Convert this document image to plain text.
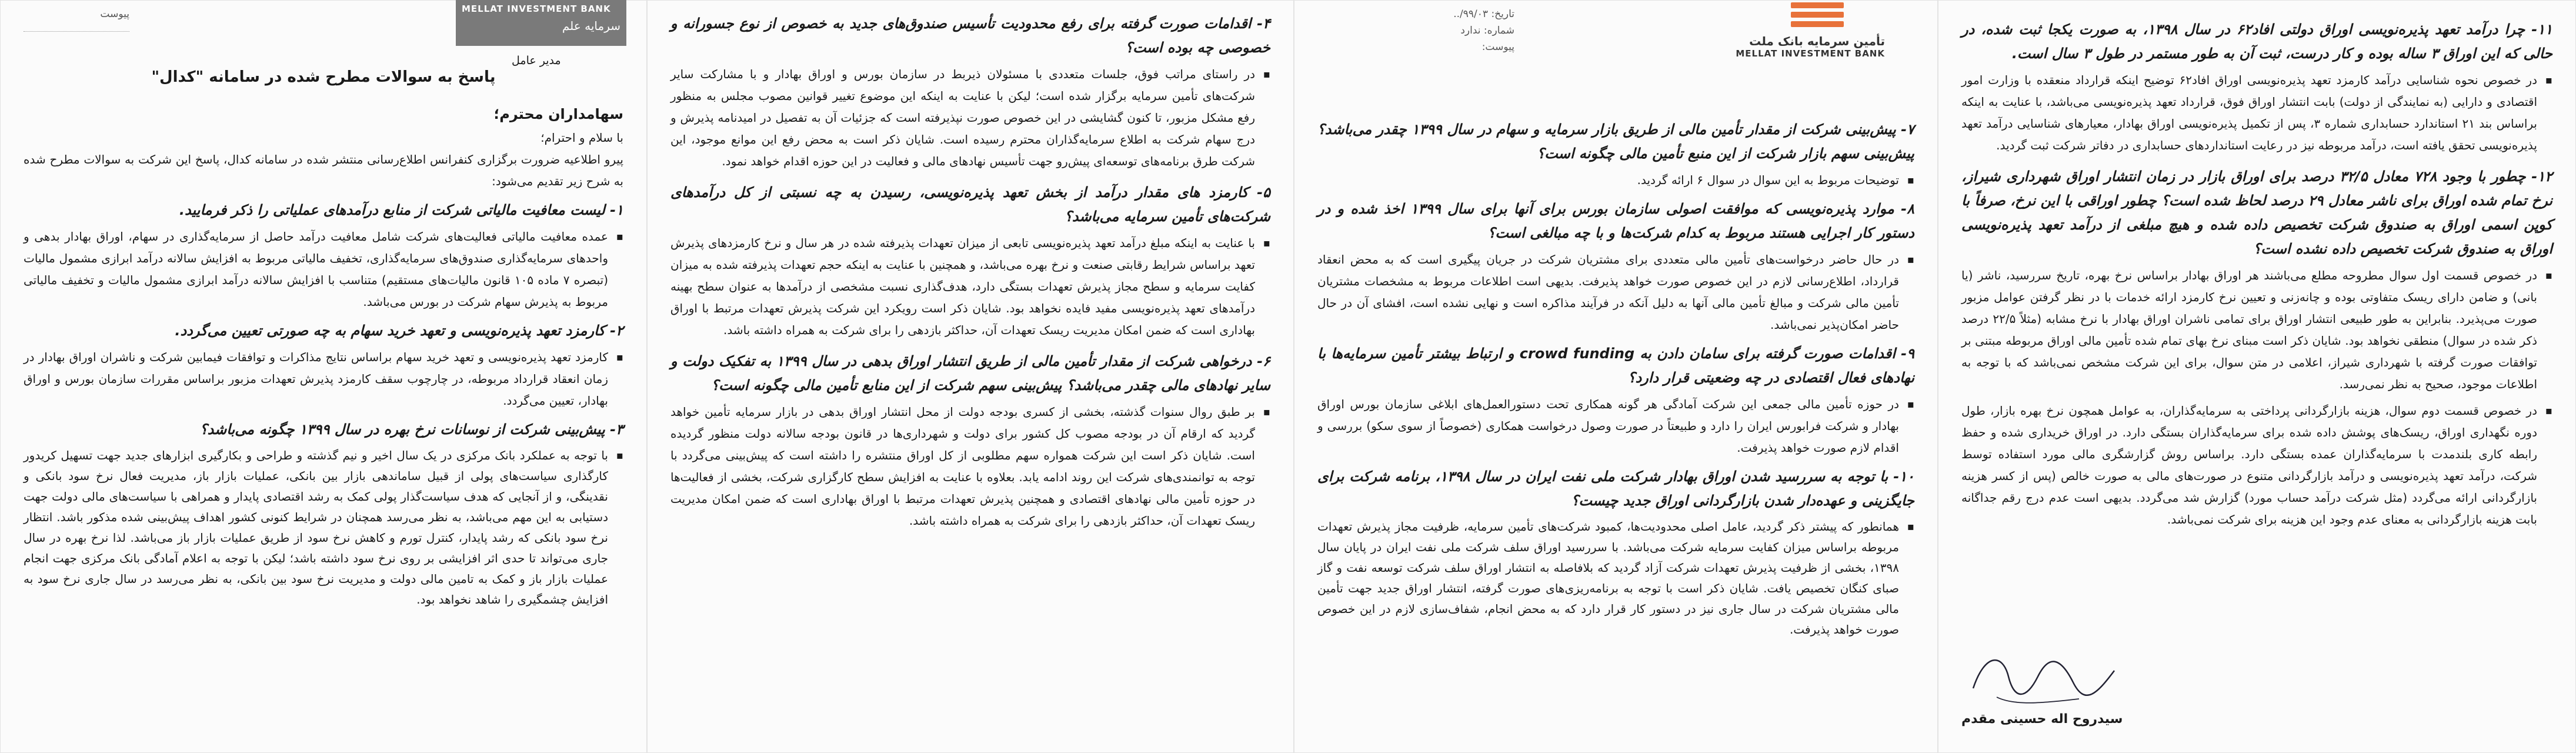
پیوست	MELLAT INVESTMENT BANK
سرمایه علم
مدیر عامل
پاسخ به سوالات مطرح شده در سامانه "کدال"
سهامداران محترم؛

با سلام و احترام؛

پیرو اطلاعیه ضرورت برگزاری کنفرانس اطلاع‌رسانی منتشر شده در سامانه کدال، پاسخ این شرکت به سوالات مطرح شده به شرح زیر تقدیم می‌شود:

۱- لیست معافیت مالیاتی شرکت از منابع درآمدهای عملیاتی را ذکر فرمایید.
▪ عمده معافیت مالیاتی فعالیت‌های شرکت شامل معافیت درآمد حاصل از سرمایه‌گذاری در سهام، اوراق بهادار بدهی و واحدهای سرمایه‌گذاری صندوق‌های سرمایه‌گذاری، تخفیف مالیاتی مربوط به افزایش سالانه درآمد ابرازی مشمول مالیات (تبصره ۷ ماده ۱۰۵ قانون مالیات‌های مستقیم) متناسب با افزایش سالانه درآمد ابرازی مشمول مالیات و تخفیف مالیاتی مربوط به پذیرش سهام شرکت در بورس می‌باشد.
۲- کارمزد تعهد پذیره‌نویسی و تعهد خرید سهام به چه صورتی تعیین می‌گردد.
▪ کارمزد تعهد پذیره‌نویسی و تعهد خرید سهام براساس نتایج مذاکرات و توافقات فیمابین شرکت و ناشران اوراق بهادار در زمان انعقاد قرارداد مربوطه، در چارچوب سقف کارمزد پذیرش تعهدات مزبور براساس مقررات سازمان بورس و اوراق بهادار، تعیین می‌گردد.
۳- پیش‌بینی شرکت از نوسانات نرخ بهره در سال ۱۳۹۹ چگونه می‌باشد؟
▪ با توجه به عملکرد بانک مرکزی در یک سال اخیر و نیم گذشته و طراحی و بکارگیری ابزارهای جدید جهت تسهیل کریدور کارگذاری سیاست‌های پولی از قبیل ساماندهی بازار بین بانکی، عملیات بازار باز، مدیریت فعال نرخ سود بانکی و نقدینگی، و از آنجایی که هدف سیاست‌گذار پولی کمک به رشد اقتصادی پایدار و همراهی با سیاست‌های مالی دولت جهت دستیابی به این مهم می‌باشد، به نظر می‌رسد همچنان در شرایط کنونی کشور اهداف پیش‌بینی شده مذکور باشد. انتظار نرخ سود بانکی که رشد پایدار، کنترل تورم و کاهش نرخ سود از طریق عملیات بازار باز می‌باشد. لذا نرخ بهره در سال جاری می‌تواند تا حدی اثر افزایشی بر روی نرخ سود داشته باشد؛ لیکن با توجه به اعلام آمادگی بانک مرکزی جهت انجام عملیات بازار باز و کمک به تامین مالی دولت و مدیریت نرخ سود بین بانکی، به نظر می‌رسد در سال جاری نرخ سود به افزایش چشمگیری را شاهد نخواهد بود.
۴- اقدامات صورت گرفته برای رفع محدودیت تأسیس صندوق‌های جدید به خصوص از نوع جسورانه و خصوصی چه بوده است؟
▪ در راستای مراتب فوق، جلسات متعددی با مسئولان ذیربط در سازمان بورس و اوراق بهادار و با مشارکت سایر شرکت‌های تأمین سرمایه برگزار شده است؛ لیکن با عنایت به اینکه این موضوع تغییر قوانین مصوب مجلس به منظور رفع مشکل مزبور، تا کنون گشایشی در این خصوص صورت نپذیرفته است که جزئیات آن به تفصیل در امیدنامه پذیرش و درج سهام شرکت به اطلاع سرمایه‌گذاران محترم رسیده است. شایان ذکر است به محض رفع این موانع موجود، این شرکت طرق برنامه‌های توسعه‌ای پیش‌رو جهت تأسیس نهادهای مالی و فعالیت در این حوزه اقدام خواهد نمود.
۵- کارمزد های مقدار درآمد از بخش تعهد پذیره‌نویسی، رسیدن به چه نسبتی از کل درآمدهای شرکت‌های تأمین سرمایه می‌باشد؟
▪ با عنایت به اینکه مبلغ درآمد تعهد پذیره‌نویسی تابعی از میزان تعهدات پذیرفته شده در هر سال و نرخ کارمزدهای پذیرش تعهد براساس شرایط رقابتی صنعت و نرخ بهره می‌باشد، و همچنین با عنایت به اینکه حجم تعهدات پذیرفته شده به میزان کفایت سرمایه و سطح مجاز پذیرش تعهدات بستگی دارد، هدف‌گذاری نسبت مشخصی از درآمدها به عنوان سطح بهینه درآمدهای تعهد پذیره‌نویسی مفید فایده نخواهد بود. شایان ذکر است رویکرد این شرکت پذیرش تعهدات مرتبط با اوراق بهاداری است که ضمن امکان مدیریت ریسک تعهدات آن، حداکثر بازدهی را برای شرکت به همراه داشته باشد.
۶- درخواهی شرکت از مقدار تأمین مالی از طریق انتشار اوراق بدهی در سال ۱۳۹۹ به تفکیک دولت و سایر نهادهای مالی چقدر می‌باشد؟ پیش‌بینی سهم شرکت از این منابع تأمین مالی چگونه است؟
▪ بر طبق روال سنوات گذشته، بخشی از کسری بودجه دولت از محل انتشار اوراق بدهی در بازار سرمایه تأمین خواهد گردید که ارقام آن در بودجه مصوب کل کشور برای دولت و شهرداری‌ها در قانون بودجه سالانه دولت منظور گردیده است. شایان ذکر است این شرکت همواره سهم مطلوبی از کل اوراق منتشره را داشته است که پیش‌بینی می‌گردد با توجه به توانمندی‌های شرکت این روند ادامه یابد. بعلاوه با عنایت به افزایش سطح کارگزاری شرکت، بخشی از فعالیت‌ها در حوزه تأمین مالی نهادهای اقتصادی و همچنین پذیرش تعهدات مرتبط با اوراق بهاداری است که ضمن امکان مدیریت ریسک تعهدات آن، حداکثر بازدهی را برای شرکت به همراه داشته باشد.
تاریخ: ۹۹/۰۳/..
شماره: ندارد
پیوست:	تأمین سرمایه بانک ملت
MELLAT INVESTMENT BANK
۷- پیش‌بینی شرکت از مقدار تأمین مالی از طریق بازار سرمایه و سهام در سال ۱۳۹۹ چقدر می‌باشد؟ پیش‌بینی سهم بازار شرکت از این منبع تأمین مالی چگونه است؟
▪ توضیحات مربوط به این سوال در سوال ۶ ارائه گردید.
۸- موارد پذیره‌نویسی که موافقت اصولی سازمان بورس برای آنها برای سال ۱۳۹۹ اخذ شده و در دستور کار اجرایی هستند مربوط به کدام شرکت‌ها و با چه مبالغی است؟
▪ در حال حاضر درخواست‌های تأمین مالی متعددی برای مشتریان شرکت در جریان پیگیری است که به محض انعقاد قرارداد، اطلاع‌رسانی لازم در این خصوص صورت خواهد پذیرفت. بدیهی است اطلاعات مربوط به مشخصات مشتریان تأمین مالی شرکت و مبالغ تأمین مالی آنها به دلیل آنکه در فرآیند مذاکره است و نهایی نشده است، افشای آن در حال حاضر امکان‌پذیر نمی‌باشد.
۹- اقدامات صورت گرفته برای سامان دادن به crowd funding و ارتباط بیشتر تأمین سرمایه‌ها با نهادهای فعال اقتصادی در چه وضعیتی قرار دارد؟
▪ در حوزه تأمین مالی جمعی این شرکت آمادگی هر گونه همکاری تحت دستورالعمل‌های ابلاغی سازمان بورس اوراق بهادار و شرکت فرابورس ایران را دارد و طبیعتاً در صورت وصول درخواست همکاری (خصوصاً از سوی سکو) بررسی و اقدام لازم صورت خواهد پذیرفت.
۱۰- با توجه به سررسید شدن اوراق بهادار شرکت ملی نفت ایران در سال ۱۳۹۸، برنامه شرکت برای جایگزینی و عهده‌دار شدن بازارگردانی اوراق جدید چیست؟
▪ همانطور که پیشتر ذکر گردید، عامل اصلی محدودیت‌ها، کمبود شرکت‌های تأمین سرمایه، ظرفیت مجاز پذیرش تعهدات مربوطه براساس میزان کفایت سرمایه شرکت می‌باشد. با سررسید اوراق سلف شرکت ملی نفت ایران در پایان سال ۱۳۹۸، بخشی از ظرفیت پذیرش تعهدات شرکت آزاد گردید که بلافاصله به انتشار اوراق سلف شرکت توسعه نفت و گاز صبای کنگان تخصیص یافت. شایان ذکر است با توجه به برنامه‌ریزی‌های صورت گرفته، انتشار اوراق جدید جهت تأمین مالی مشتریان شرکت در سال جاری نیز در دستور کار قرار دارد که به محض انجام، شفاف‌سازی لازم در این خصوص صورت خواهد پذیرفت.
۱۱- چرا درآمد تعهد پذیره‌نویسی اوراق دولتی افاد۶۲ در سال ۱۳۹۸، به صورت یکجا ثبت شده، در حالی که این اوراق ۳ ساله بوده و کار درست، ثبت آن به طور مستمر در طول ۳ سال است.
▪ در خصوص نحوه شناسایی درآمد کارمزد تعهد پذیره‌نویسی اوراق افاد۶۲ توضیح اینکه قرارداد منعقده با وزارت امور اقتصادی و دارایی (به نمایندگی از دولت) بابت انتشار اوراق فوق، قرارداد تعهد پذیره‌نویسی می‌باشد، با عنایت به اینکه براساس بند ۲۱ استاندارد حسابداری شماره ۳، پس از تکمیل پذیره‌نویسی اوراق بهادار، معیارهای شناسایی درآمد تعهد پذیره‌نویسی تحقق یافته است، درآمد مربوطه نیز در رعایت استانداردهای حسابداری در دفاتر شرکت ثبت گردید.
۱۲- چطور با وجود ۷۲۸ معادل ۳۲/۵ درصد برای اوراق بازار در زمان انتشار اوراق شهرداری شیراز، نرخ تمام شده اوراق برای ناشر معادل ۲۹ درصد لحاظ شده است؟ چطور اوراقی با این نرخ، صرفاً با کوپن اسمی اوراق به صندوق شرکت تخصیص داده شده و هیچ مبلغی از درآمد تعهد پذیره‌نویسی اوراق به صندوق شرکت تخصیص داده نشده است؟
▪ در خصوص قسمت اول سوال مطروحه مطلع می‌باشند هر اوراق بهادار براساس نرخ بهره، تاریخ سررسید، ناشر (یا بانی) و ضامن دارای ریسک متفاوتی بوده و چانه‌زنی و تعیین نرخ کارمزد ارائه خدمات با در نظر گرفتن عوامل مزبور صورت می‌پذیرد. بنابراین به طور طبیعی انتشار اوراق برای تمامی ناشران اوراق بهادار با نرخ مشابه (مثلاً ۲۲/۵ درصد ذکر شده در سوال) منطقی نخواهد بود. شایان ذکر است مبنای نرخ بهای تمام شده تأمین مالی اوراق مربوطه مبتنی بر توافقات صورت گرفته با شهرداری شیراز، اعلامی در متن سوال، برای این شرکت مشخص نمی‌باشد که با توجه به اطلاعات موجود، صحیح به نظر نمی‌رسد.
▪ در خصوص قسمت دوم سوال، هزینه بازارگردانی پرداختی به سرمایه‌گذاران، به عوامل همچون نرخ بهره بازار، طول دوره نگهداری اوراق، ریسک‌های پوشش داده شده برای سرمایه‌گذاران بستگی دارد. در اوراق خریداری شده و حفظ رابطه کاری بلندمدت با سرمایه‌گذاران عمده بستگی دارد. براساس روش گزارشگری مالی مورد استفاده توسط شرکت، درآمد تعهد پذیره‌نویسی و درآمد بازارگردانی متنوع در صورت‌های مالی به صورت خالص (پس از کسر هزینه بازارگردانی ارائه می‌گردد (مثل شرکت درآمد حساب مورد) گزارش شد می‌گردد. بدیهی است عدم درج رقم جداگانه بابت هزینه بازارگردانی به معنای عدم وجود این هزینه برای شرکت نمی‌باشد.
سیدروح اله حسینی مقدم
